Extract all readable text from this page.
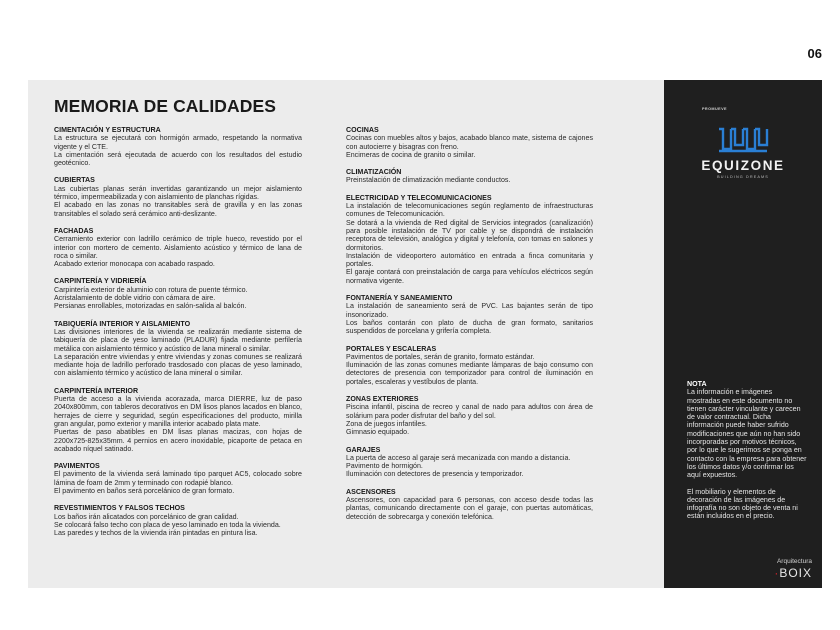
06
MEMORIA DE CALIDADES
CIMENTACIÓN Y ESTRUCTURA

La estructura se ejecutará con hormigón armado, respetando la normativa vigente y el CTE.

La cimentación será ejecutada de acuerdo con los resultados del estudio geotécnico.

CUBIERTAS

Las cubiertas planas serán invertidas garantizando un mejor aislamiento térmico, impermeabilizada y con aislamiento de planchas rígidas.

El acabado en las zonas no transitables será de gravilla y en las zonas transitables el solado será cerámico anti-deslizante.

FACHADAS

Cerramiento exterior con ladrillo cerámico de triple hueco, revestido por el interior con mortero de cemento. Aislamiento acústico y térmico de lana de roca o similar.

Acabado exterior monocapa con acabado raspado.

CARPINTERÍA Y VIDRIERÍA

Carpintería exterior de aluminio con rotura de puente térmico.

Acristalamiento de doble vidrio con cámara de aire.

Persianas enrollables, motorizadas en salón-salida al balcón.

TABIQUERÍA INTERIOR Y AISLAMIENTO

Las divisiones interiores de la vivienda se realizarán mediante sistema de tabiquería de placa de yeso laminado (PLADUR) fijada mediante perfilería metálica con aislamiento térmico y acústico de lana mineral o similar.

La separación entre viviendas y entre viviendas y zonas comunes se realizará mediante hoja de ladrillo perforado trasdosado con placas de yeso laminado, con aislamiento térmico y acústico de lana mineral o similar.

CARPINTERÍA INTERIOR

Puerta de acceso a la vivienda acorazada, marca DIERRE, luz de paso 2040x800mm, con tableros decorativos en DM lisos planos lacados en blanco, herrajes de cierre y seguridad, según especificaciones del producto, mirilla gran angular, pomo exterior y manilla interior acabado plata mate.

Puertas de paso abatibles en DM lisas planas macizas, con hojas de 2200x725-825x35mm. 4 pernios en acero inoxidable, picaporte de petaca en acabado níquel satinado.

PAVIMENTOS

El pavimento de la vivienda será laminado tipo parquet AC5, colocado sobre lámina de foam de 2mm y terminado con rodapié blanco.

El pavimento en baños será porcelánico de gran formato.

REVESTIMIENTOS Y FALSOS TECHOS

Los baños irán alicatados con porcelánico de gran calidad.

Se colocará falso techo con placa de yeso laminado en toda la vivienda.

Las paredes y techos de la vivienda irán pintadas en pintura lisa.

COCINAS

Cocinas con muebles altos y bajos, acabado blanco mate, sistema de cajones con autocierre y bisagras con freno.

Encimeras de cocina de granito o similar.

CLIMATIZACIÓN

Preinstalación de climatización mediante conductos.

ELECTRICIDAD Y TELECOMUNICACIONES

La instalación de telecomunicaciones según reglamento de infraestructuras comunes de Telecomunicación.

Se dotará a la vivienda de Red digital de Servicios integrados (canalización) para posible instalación de TV por cable y se dispondrá de instalación receptora de televisión, analógica y digital y telefonía, con tomas en salones y dormitorios.

Instalación de videoportero automático en entrada a finca comunitaria y portales.

El garaje contará con preinstalación de carga para vehículos eléctricos según normativa vigente.

FONTANERÍA Y SANEAMIENTO

La instalación de saneamiento será de PVC. Las bajantes serán de tipo insonorizado.

Los baños contarán con plato de ducha de gran formato, sanitarios suspendidos de porcelana y grifería completa.

PORTALES Y ESCALERAS

Pavimentos de portales, serán de granito, formato estándar.

Iluminación de las zonas comunes mediante lámparas de bajo consumo con detectores de presencia con temporizador para control de iluminación en portales, escaleras y vestíbulos de planta.

ZONAS EXTERIORES

Piscina infantil, piscina de recreo y canal de nado para adultos con área de solárium para poder disfrutar del baño y del sol.

Zona de juegos infantiles.

Gimnasio equipado.

GARAJES

La puerta de acceso al garaje será mecanizada con mando a distancia.

Pavimento de hormigón.

Iluminación con detectores de presencia y temporizador.

ASCENSORES

Ascensores, con capacidad para 6 personas, con acceso desde todas las plantas, comunicando directamente con el garaje, con puertas automáticas, detección de sobrecarga y conexión telefónica.

PROMUEVE
EQUIZONE
BUILDING DREAMS
NOTA

La información e imágenes mostradas en este documento no tienen carácter vinculante y carecen de valor contractual. Dicha información puede haber sufrido modificaciones que aún no han sido incorporadas por motivos técnicos, por lo que le sugerimos se ponga en contacto con la empresa para obtener los últimos datos y/o confirmar los aquí expuestos.

El mobiliario y elementos de decoración de las imágenes de infografía no son objeto de venta ni están incluidos en el precio.

Arquitectura
·BOIX
